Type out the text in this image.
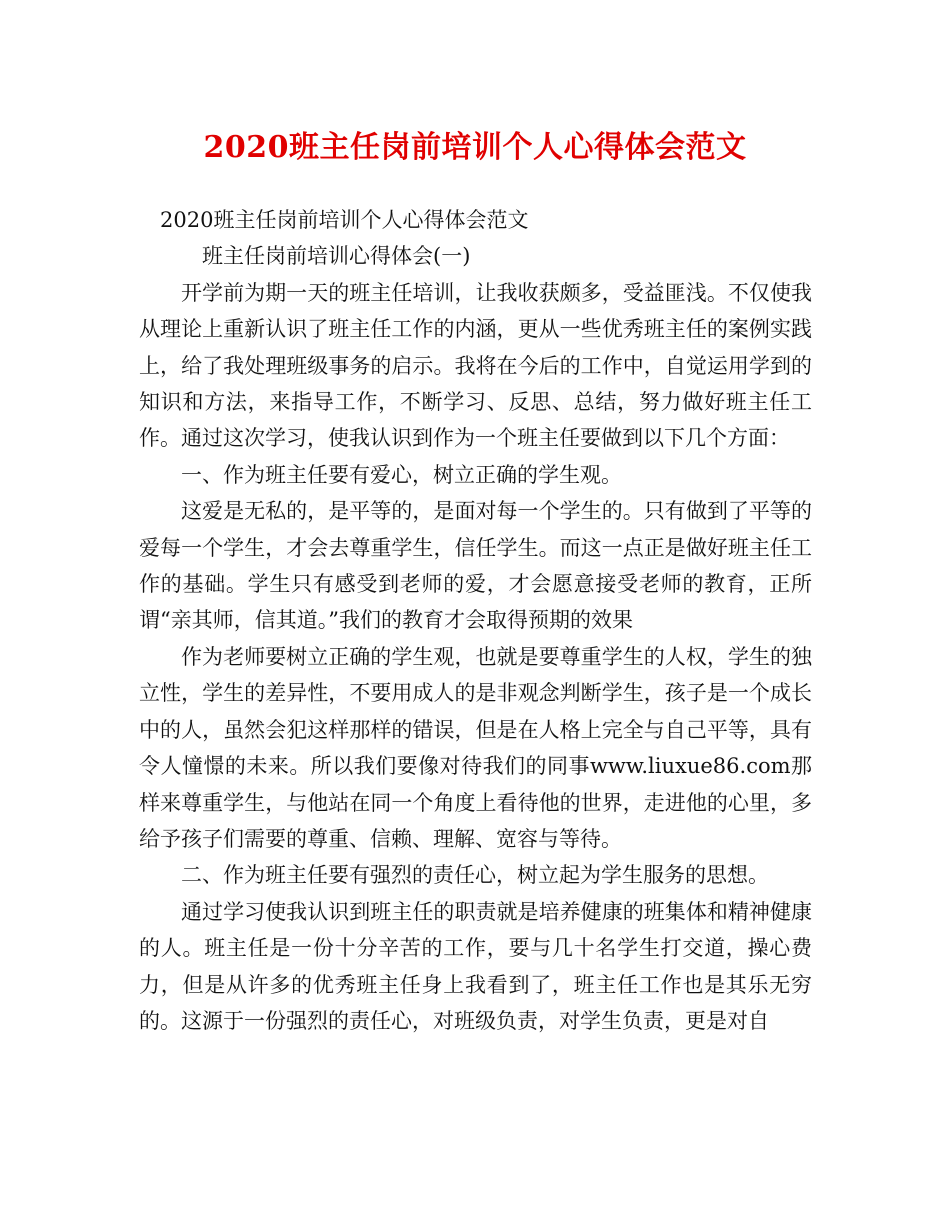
2020班主任岗前培训个人心得体会范文

2020班主任岗前培训个人心得体会范文

班主任岗前培训心得体会(一)

开学前为期一天的班主任培训，让我收获颇多，受益匪浅。不仅使我从理论上重新认识了班主任工作的内涵，更从一些优秀班主任的案例实践上，给了我处理班级事务的启示。我将在今后的工作中，自觉运用学到的知识和方法，来指导工作，不断学习、反思、总结，努力做好班主任工作。通过这次学习，使我认识到作为一个班主任要做到以下几个方面：

一、作为班主任要有爱心，树立正确的学生观。

这爱是无私的，是平等的，是面对每一个学生的。只有做到了平等的爱每一个学生，才会去尊重学生，信任学生。而这一点正是做好班主任工作的基础。学生只有感受到老师的爱，才会愿意接受老师的教育，正所谓“亲其师，信其道。”我们的教育才会取得预期的效果

作为老师要树立正确的学生观，也就是要尊重学生的人权，学生的独立性，学生的差异性，不要用成人的是非观念判断学生，孩子是一个成长中的人，虽然会犯这样那样的错误，但是在人格上完全与自己平等，具有令人憧憬的未来。所以我们要像对待我们的同事www.liuxue86.com那样来尊重学生，与他站在同一个角度上看待他的世界，走进他的心里，多给予孩子们需要的尊重、信赖、理解、宽容与等待。

二、作为班主任要有强烈的责任心，树立起为学生服务的思想。

通过学习使我认识到班主任的职责就是培养健康的班集体和精神健康的人。班主任是一份十分辛苦的工作，要与几十名学生打交道，操心费力，但是从许多的优秀班主任身上我看到了，班主任工作也是其乐无穷的。这源于一份强烈的责任心，对班级负责，对学生负责，更是对自
